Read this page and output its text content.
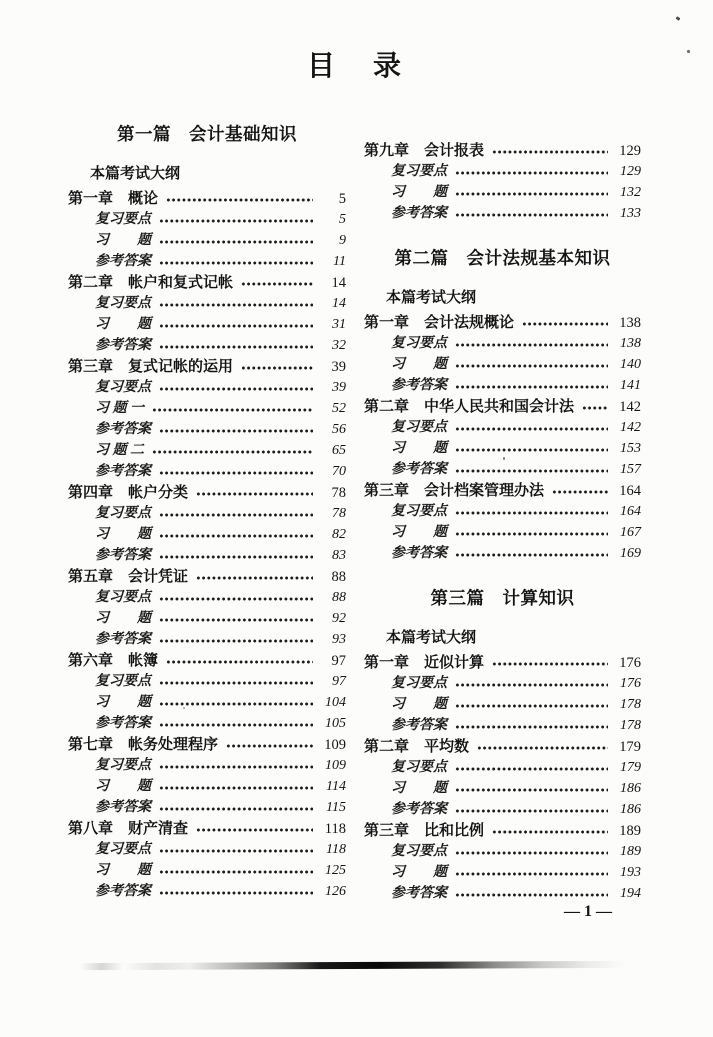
目　录
第一篇　会计基础知识
本篇考试大纲
第一章　概论	5
复习要点	5
习　　题	9
参考答案	11
第二章　帐户和复式记帐	14
复习要点	14
习　　题	31
参考答案	32
第三章　复式记帐的运用	39
复习要点	39
习 题 一	52
参考答案	56
习 题 二	65
参考答案	70
第四章　帐户分类	78
复习要点	78
习　　题	82
参考答案	83
第五章　会计凭证	88
复习要点	88
习　　题	92
参考答案	93
第六章　帐簿	97
复习要点	97
习　　题	104
参考答案	105
第七章　帐务处理程序	109
复习要点	109
习　　题	114
参考答案	115
第八章　财产清查	118
复习要点	118
习　　题	125
参考答案	126
第九章　会计报表	129
复习要点	129
习　　题	132
参考答案	133
第二篇　会计法规基本知识
本篇考试大纲
第一章　会计法规概论	138
复习要点	138
习　　题	140
参考答案	141
第二章　中华人民共和国会计法	142
复习要点	142
习　　题	153
参考答案	157
第三章　会计档案管理办法	164
复习要点	164
习　　题	167
参考答案	169
第三篇　计算知识
本篇考试大纲
第一章　近似计算	176
复习要点	176
习　　题	178
参考答案	178
第二章　平均数	179
复习要点	179
习　　题	186
参考答案	186
第三章　比和比例	189
复习要点	189
习　　题	193
参考答案	194
— 1 —
